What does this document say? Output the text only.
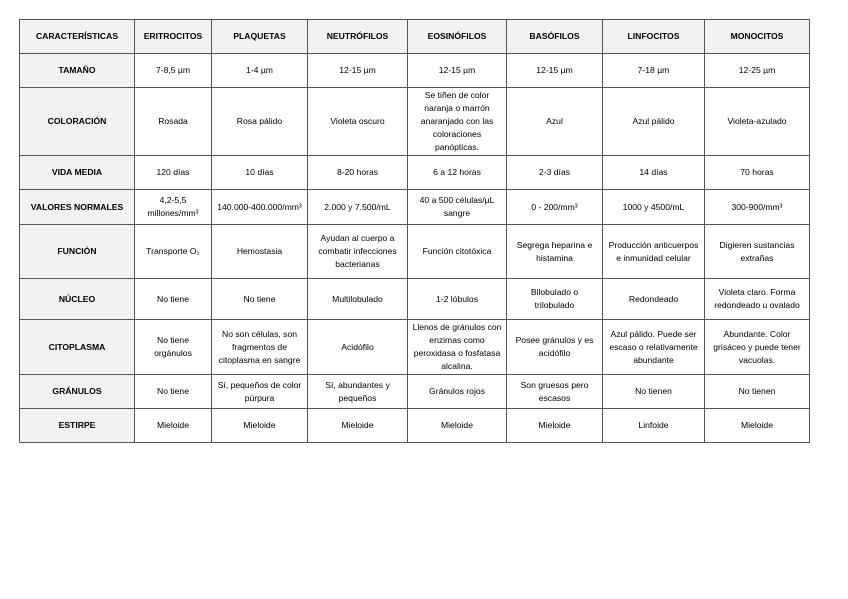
CARACTERÍSTICAS	ERITROCITOS	PLAQUETAS	NEUTRÓFILOS	EOSINÓFILOS	BASÓFILOS	LINFOCITOS	MONOCITOS
TAMAÑO	7-8,5 µm	1-4 µm	12-15 µm	12-15 µm	12-15 µm	7-18 µm	12-25 µm
COLORACIÓN	Rosada	Rosa pálido	Violeta oscuro	Se tiñen de color naranja o marrón anaranjado con las coloraciones panópticas.	Azul	Azul pálido	Violeta-azulado
VIDA MEDIA	120 días	10 días	8-20 horas	6 a 12 horas	2-3 días	14 días	70 horas
VALORES NORMALES	4,2-5,5 millones/mm³	140.000-400.000/mm³	2.000 y 7.500/mL	40 a 500 células/µL sangre	0 - 200/mm³	1000 y 4500/mL	300-900/mm³
FUNCIÓN	Transporte O₂	Hemostasia	Ayudan al cuerpo a combatir infecciones bacterianas	Función citotóxica	Segrega heparina e histamina	Producción anticuerpos e inmunidad celular	Digieren sustancias extrañas
NÚCLEO	No tiene	No tiene	Multilobulado	1-2 lóbulos	Bilobulado o trilobulado	Redondeado	Violeta claro. Forma redondeado u ovalado
CITOPLASMA	No tiene orgánulos	No son células, son fragmentos de citoplasma en sangre	Acidófilo	Llenos de gránulos con enzimas como peroxidasa o fosfatasa alcalina.	Posee gránulos y es acidófilo	Azul pálido. Puede ser escaso o relativamente abundante	Abundante. Color grisáceo y puede tener vacuolas.
GRÁNULOS	No tiene	Sí, pequeños de color púrpura	Sí, abundantes y pequeños	Gránulos rojos	Son gruesos pero escasos	No tienen	No tienen
ESTIRPE	Mieloide	Mieloide	Mieloide	Mieloide	Mieloide	Linfoide	Mieloide
